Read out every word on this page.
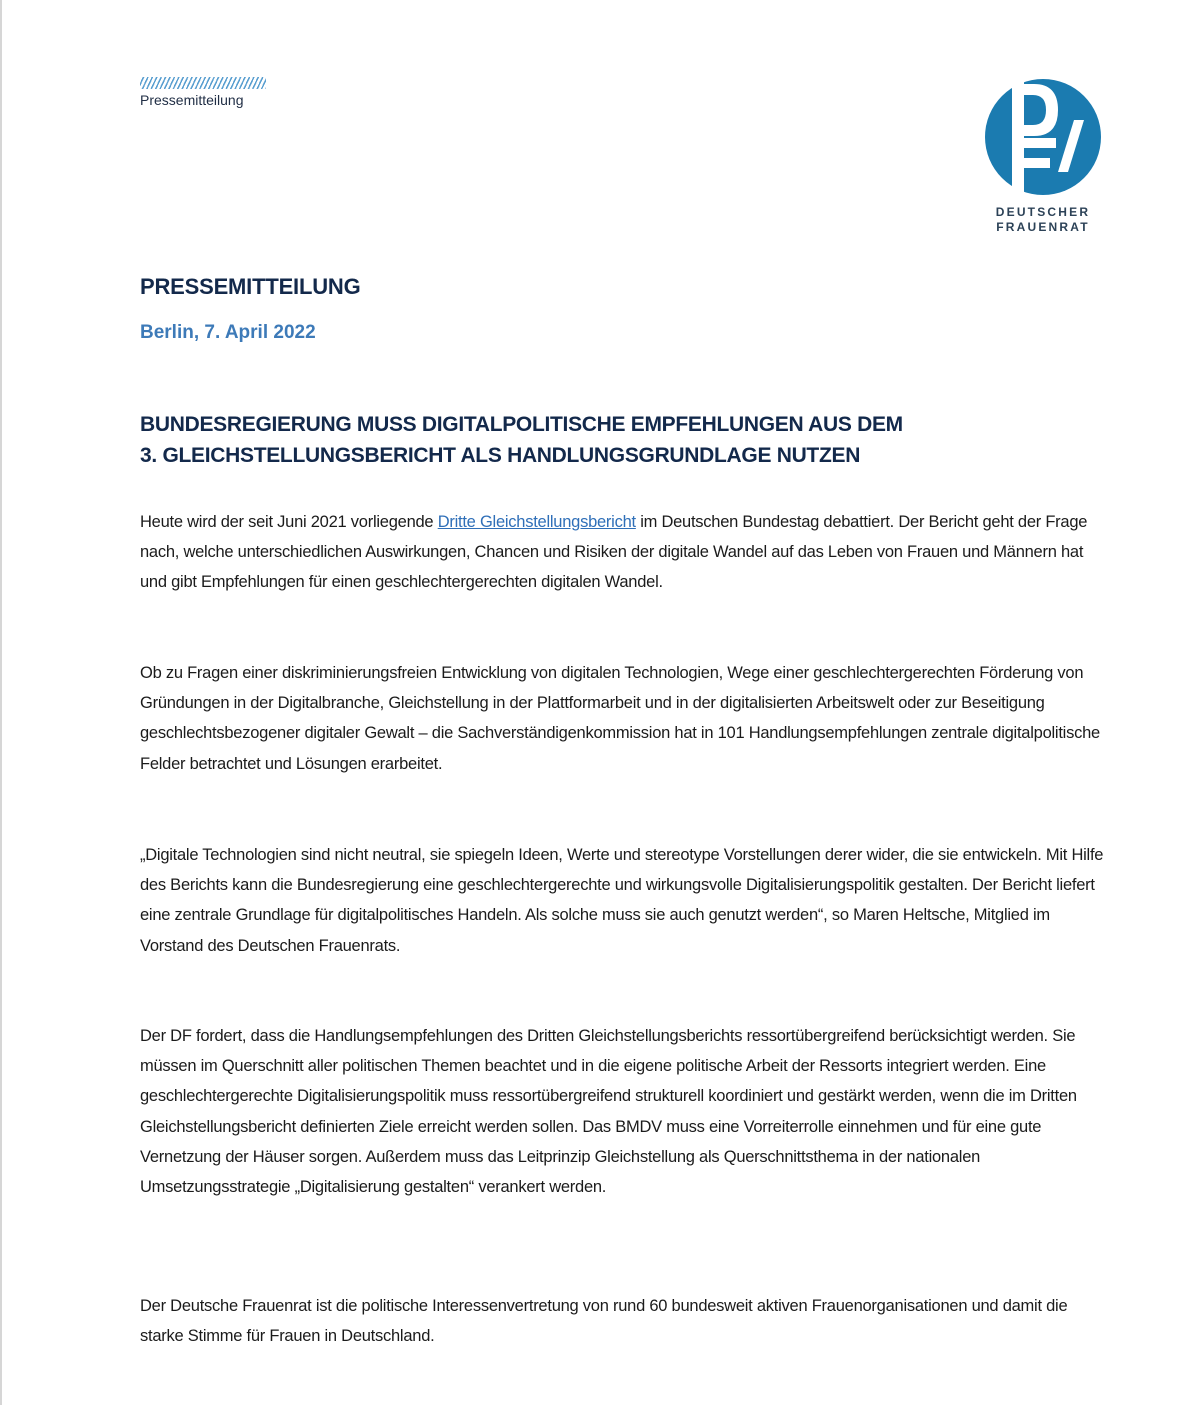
Pressemitteilung
DEUTSCHER
FRAUENRAT
PRESSEMITTEILUNG
Berlin, 7. April 2022
BUNDESREGIERUNG MUSS DIGITALPOLITISCHE EMPFEHLUNGEN AUS DEM
3. GLEICHSTELLUNGSBERICHT ALS HANDLUNGSGRUNDLAGE NUTZEN

Heute wird der seit Juni 2021 vorliegende Dritte Gleichstellungsbericht im Deutschen Bundestag debattiert. Der Bericht geht der Frage nach, welche unterschiedlichen Auswirkungen, Chancen und Risiken der digitale Wandel auf das Leben von Frauen und Männern hat und gibt Empfehlungen für einen geschlechtergerechten digitalen Wandel.

Ob zu Fragen einer diskriminierungsfreien Entwicklung von digitalen Technologien, Wege einer geschlechtergerechten Förderung von Gründungen in der Digitalbranche, Gleichstellung in der Plattformarbeit und in der digitalisierten Arbeitswelt oder zur Beseitigung geschlechtsbezogener digitaler Gewalt – die Sachverständigenkommission hat in 101 Handlungsempfehlungen zentrale digitalpolitische Felder betrachtet und Lösungen erarbeitet.

„Digitale Technologien sind nicht neutral, sie spiegeln Ideen, Werte und stereotype Vorstellungen derer wider, die sie entwickeln. Mit Hilfe des Berichts kann die Bundesregierung eine geschlechtergerechte und wirkungsvolle Digitalisierungspolitik gestalten. Der Bericht liefert eine zentrale Grundlage für digitalpolitisches Handeln. Als solche muss sie auch genutzt werden“, so Maren Heltsche, Mitglied im Vorstand des Deutschen Frauenrats.

Der DF fordert, dass die Handlungsempfehlungen des Dritten Gleichstellungsberichts ressortübergreifend berücksichtigt werden. Sie müssen im Querschnitt aller politischen Themen beachtet und in die eigene politische Arbeit der Ressorts integriert werden. Eine geschlechtergerechte Digitalisierungspolitik muss ressortübergreifend strukturell koordiniert und gestärkt werden, wenn die im Dritten Gleichstellungsbericht definierten Ziele erreicht werden sollen. Das BMDV muss eine Vorreiterrolle einnehmen und für eine gute Vernetzung der Häuser sorgen. Außerdem muss das Leitprinzip Gleichstellung als Querschnittsthema in der nationalen Umsetzungsstrategie „Digitalisierung gestalten“ verankert werden.

Der Deutsche Frauenrat ist die politische Interessenvertretung von rund 60 bundesweit aktiven Frauenorganisationen und damit die starke Stimme für Frauen in Deutschland.
